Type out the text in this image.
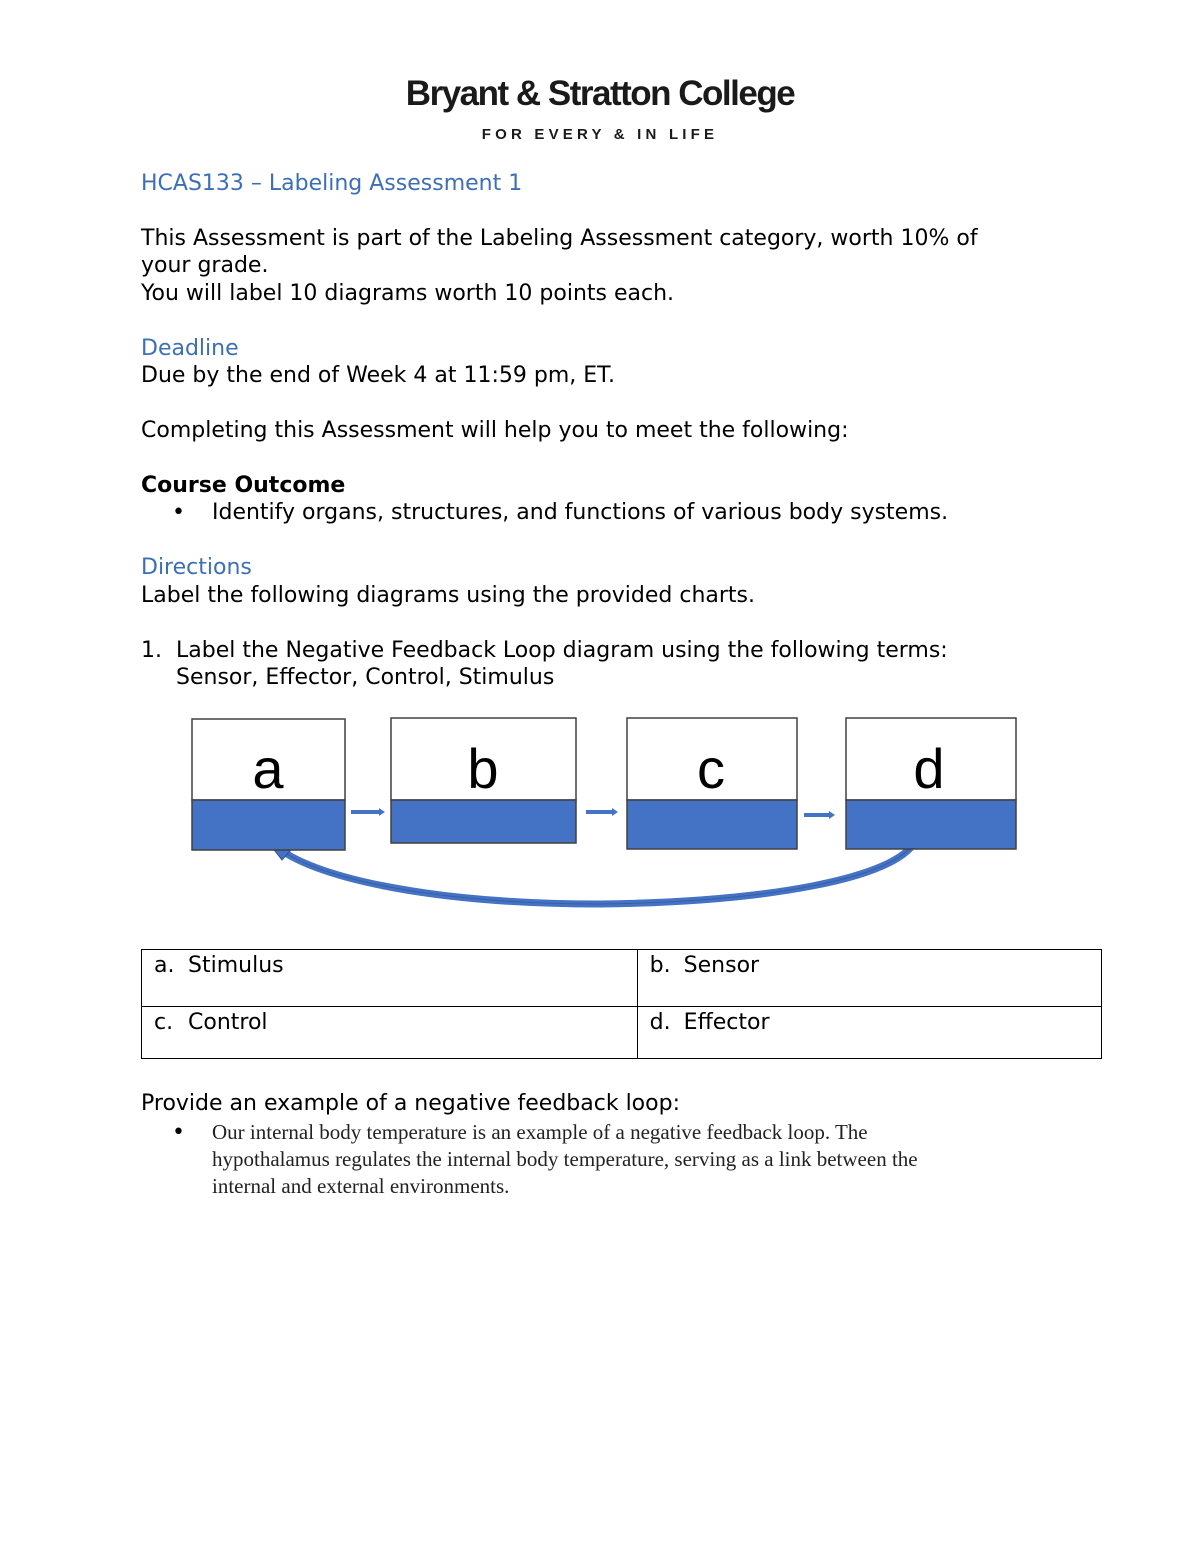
Bryant & Stratton College
FOR EVERY & IN LIFE
HCAS133 – Labeling Assessment 1
This Assessment is part of the Labeling Assessment category, worth 10% of
your grade.
You will label 10 diagrams worth 10 points each.
Deadline
Due by the end of Week 4 at 11:59 pm, ET.
Completing this Assessment will help you to meet the following:
Course Outcome
• Identify organs, structures, and functions of various body systems.
Directions
Label the following diagrams using the provided charts.
1. Label the Negative Feedback Loop diagram using the following terms:
Sensor, Effector, Control, Stimulus
a	b	c	d
a. Stimulus	b. Sensor
c. Control	d. Effector
Provide an example of a negative feedback loop:
• Our internal body temperature is an example of a negative feedback loop. The
hypothalamus regulates the internal body temperature, serving as a link between the
internal and external environments.
